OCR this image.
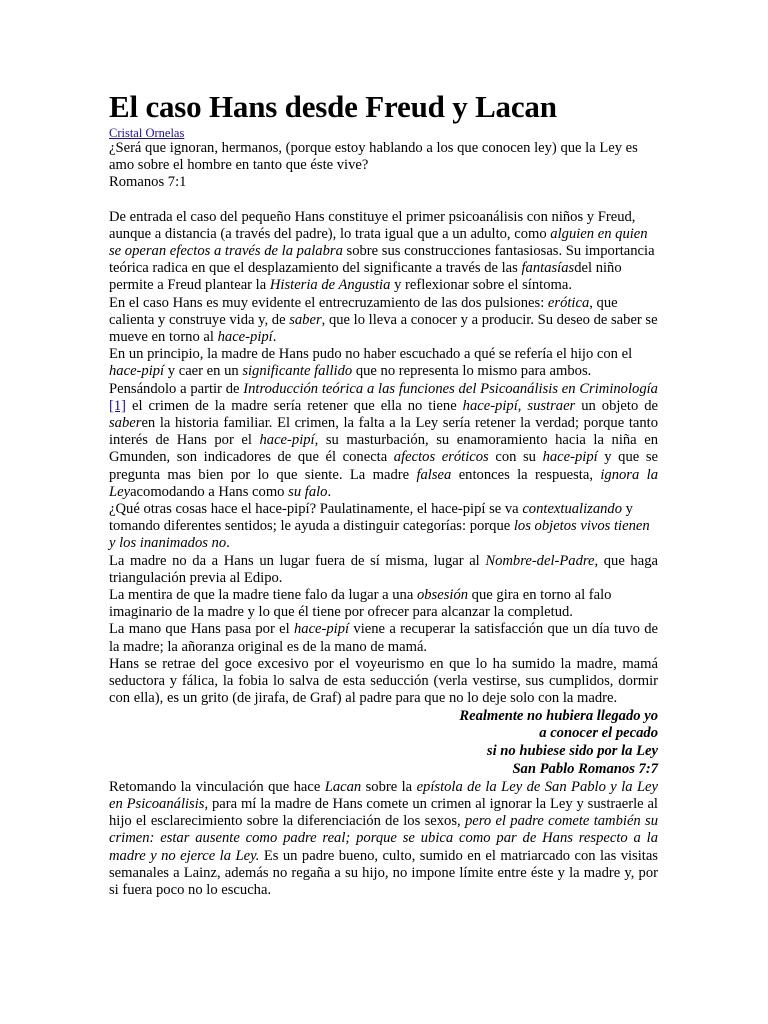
El caso Hans desde Freud y Lacan
Cristal Ornelas

¿Será que ignoran, hermanos, (porque estoy hablando a los que conocen ley) que la Ley es amo sobre el hombre en tanto que éste vive?

Romanos 7:1

De entrada el caso del pequeño Hans constituye el primer psicoanálisis con niños y Freud, aunque a distancia (a través del padre), lo trata igual que a un adulto, como alguien en quien se operan efectos a través de la palabra sobre sus construcciones fantasiosas. Su importancia teórica radica en que el desplazamiento del significante a través de las fantasíasdel niño permite a Freud plantear la Histeria de Angustia y reflexionar sobre el síntoma.

En el caso Hans es muy evidente el entrecruzamiento de las dos pulsiones: erótica, que calienta y construye vida y, de saber, que lo lleva a conocer y a producir. Su deseo de saber se mueve en torno al hace-pipí.

En un principio, la madre de Hans pudo no haber escuchado a qué se refería el hijo con el hace-pipí y caer en un significante fallido que no representa lo mismo para ambos.

Pensándolo a partir de Introducción teórica a las funciones del Psicoanálisis en Criminología [1] el crimen de la madre sería retener que ella no tiene hace-pipí, sustraer un objeto de saberen la historia familiar. El crimen, la falta a la Ley sería retener la verdad; porque tanto interés de Hans por el hace-pipí, su masturbación, su enamoramiento hacia la niña en Gmunden, son indicadores de que él conecta afectos eróticos con su hace-pipí y que se pregunta mas bien por lo que siente. La madre falsea entonces la respuesta, ignora la Leyacomodando a Hans como su falo.

¿Qué otras cosas hace el hace-pipí? Paulatinamente, el hace-pipí se va contextualizando y tomando diferentes sentidos; le ayuda a distinguir categorías: porque los objetos vivos tienen y los inanimados no.

La madre no da a Hans un lugar fuera de sí misma, lugar al Nombre-del-Padre, que haga triangulación previa al Edipo.

La mentira de que la madre tiene falo da lugar a una obsesión que gira en torno al falo imaginario de la madre y lo que él tiene por ofrecer para alcanzar la completud.

La mano que Hans pasa por el hace-pipí viene a recuperar la satisfacción que un día tuvo de la madre; la añoranza original es de la mano de mamá.

Hans se retrae del goce excesivo por el voyeurismo en que lo ha sumido la madre, mamá seductora y fálica, la fobia lo salva de esta seducción (verla vestirse, sus cumplidos, dormir con ella), es un grito (de jirafa, de Graf) al padre para que no lo deje solo con la madre.

Realmente no hubiera llegado yo
a conocer el pecado
si no hubiese sido por la Ley
San Pablo Romanos 7:7

Retomando la vinculación que hace Lacan sobre la epístola de la Ley de San Pablo y la Ley en Psicoanálisis, para mí la madre de Hans comete un crimen al ignorar la Ley y sustraerle al hijo el esclarecimiento sobre la diferenciación de los sexos, pero el padre comete también su crimen: estar ausente como padre real; porque se ubica como par de Hans respecto a la madre y no ejerce la Ley. Es un padre bueno, culto, sumido en el matriarcado con las visitas semanales a Lainz, además no regaña a su hijo, no impone límite entre éste y la madre y, por si fuera poco no lo escucha.
